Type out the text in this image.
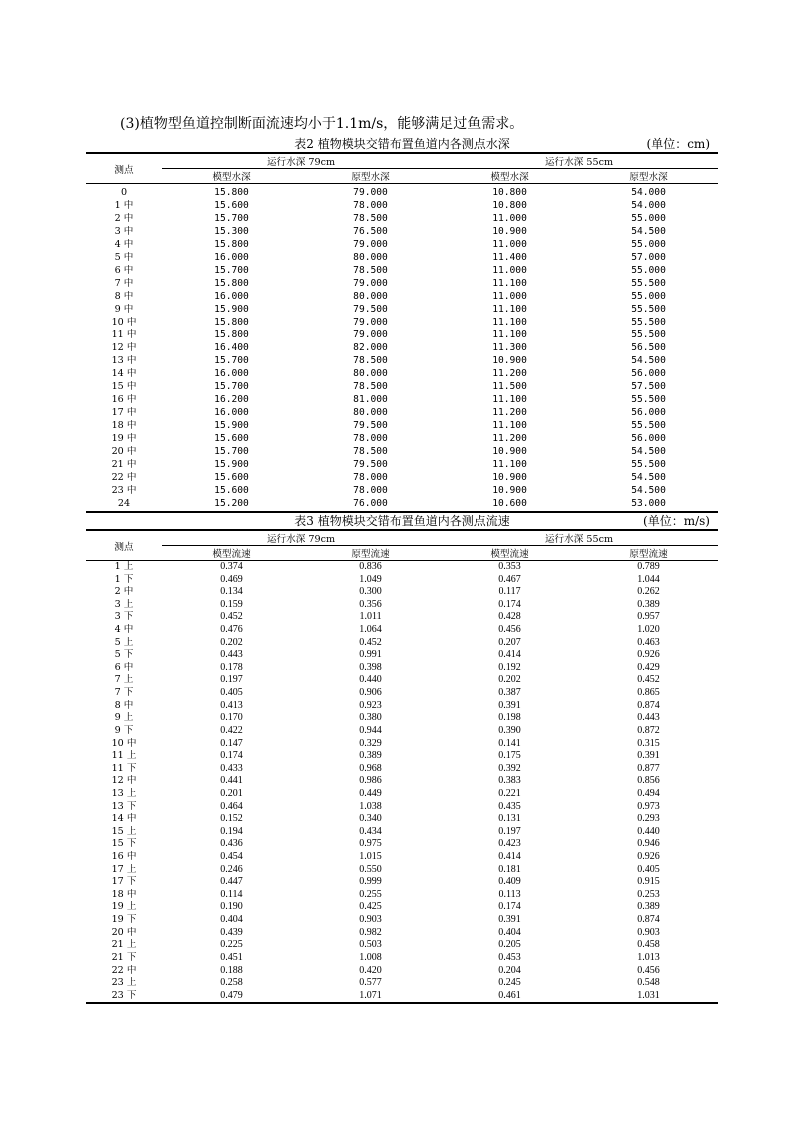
(3)植物型鱼道控制断面流速均小于1.1m/s，能够满足过鱼需求。
表2 植物模块交错布置鱼道内各测点水深	(单位：cm)
测点	运行水深 79cm		运行水深 55cm	
	模型水深	原型水深	模型水深	原型水深
0	15.800	79.000	10.800	54.000
1 中	15.600	78.000	10.800	54.000
2 中	15.700	78.500	11.000	55.000
3 中	15.300	76.500	10.900	54.500
4 中	15.800	79.000	11.000	55.000
5 中	16.000	80.000	11.400	57.000
6 中	15.700	78.500	11.000	55.000
7 中	15.800	79.000	11.100	55.500
8 中	16.000	80.000	11.000	55.000
9 中	15.900	79.500	11.100	55.500
10 中	15.800	79.000	11.100	55.500
11 中	15.800	79.000	11.100	55.500
12 中	16.400	82.000	11.300	56.500
13 中	15.700	78.500	10.900	54.500
14 中	16.000	80.000	11.200	56.000
15 中	15.700	78.500	11.500	57.500
16 中	16.200	81.000	11.100	55.500
17 中	16.000	80.000	11.200	56.000
18 中	15.900	79.500	11.100	55.500
19 中	15.600	78.000	11.200	56.000
20 中	15.700	78.500	10.900	54.500
21 中	15.900	79.500	11.100	55.500
22 中	15.600	78.000	10.900	54.500
23 中	15.600	78.000	10.900	54.500
24	15.200	76.000	10.600	53.000
表3 植物模块交错布置鱼道内各测点流速	(单位：m/s)
测点	运行水深 79cm		运行水深 55cm	
	模型流速	原型流速	模型流速	原型流速
1 上	0.374	0.836	0.353	0.789
1 下	0.469	1.049	0.467	1.044
2 中	0.134	0.300	0.117	0.262
3 上	0.159	0.356	0.174	0.389
3 下	0.452	1.011	0.428	0.957
4 中	0.476	1.064	0.456	1.020
5 上	0.202	0.452	0.207	0.463
5 下	0.443	0.991	0.414	0.926
6 中	0.178	0.398	0.192	0.429
7 上	0.197	0.440	0.202	0.452
7 下	0.405	0.906	0.387	0.865
8 中	0.413	0.923	0.391	0.874
9 上	0.170	0.380	0.198	0.443
9 下	0.422	0.944	0.390	0.872
10 中	0.147	0.329	0.141	0.315
11 上	0.174	0.389	0.175	0.391
11 下	0.433	0.968	0.392	0.877
12 中	0.441	0.986	0.383	0.856
13 上	0.201	0.449	0.221	0.494
13 下	0.464	1.038	0.435	0.973
14 中	0.152	0.340	0.131	0.293
15 上	0.194	0.434	0.197	0.440
15 下	0.436	0.975	0.423	0.946
16 中	0.454	1.015	0.414	0.926
17 上	0.246	0.550	0.181	0.405
17 下	0.447	0.999	0.409	0.915
18 中	0.114	0.255	0.113	0.253
19 上	0.190	0.425	0.174	0.389
19 下	0.404	0.903	0.391	0.874
20 中	0.439	0.982	0.404	0.903
21 上	0.225	0.503	0.205	0.458
21 下	0.451	1.008	0.453	1.013
22 中	0.188	0.420	0.204	0.456
23 上	0.258	0.577	0.245	0.548
23 下	0.479	1.071	0.461	1.031
